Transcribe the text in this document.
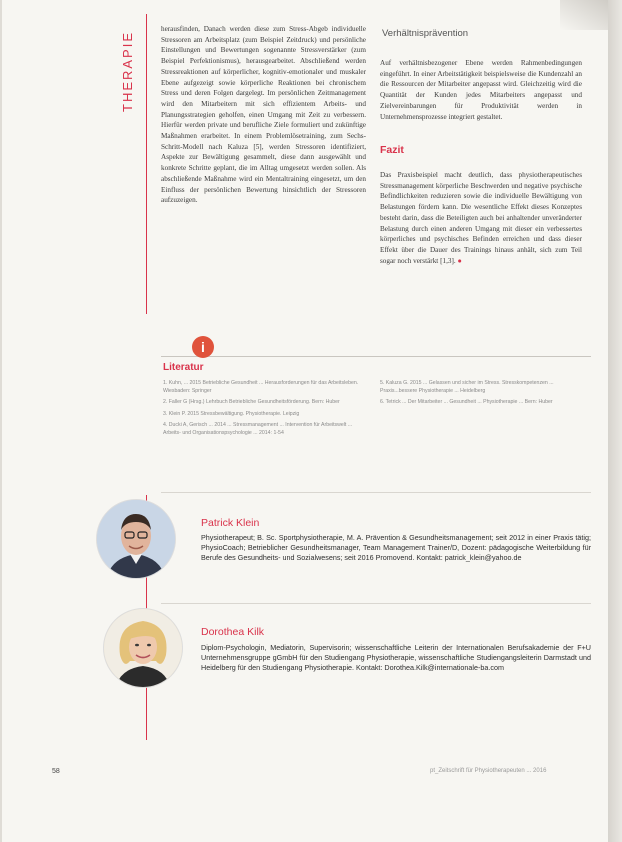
THERAPIE
herausfinden, Danach werden diese zum Stress-Abgeb individuelle Stressoren am Arbeitsplatz (zum Beispiel Zeitdruck) und persönliche Einstellungen und Bewertungen sogenannte Stressverstärker (zum Beispiel Perfektionismus), herausgearbeitet. Abschließend werden Stressreaktionen auf körperlicher, kognitiv-emotionaler und muskaler Ebene aufgezeigt sowie körperliche Reaktionen bei chronischem Stress und deren Folgen dargelegt. Im persönlichen Zeitmanagement wird den Mitarbeitern mit sich effizientem Arbeits- und Planungsstrategien geholfen, einen Umgang mit Zeit zu verbessern. Hierfür werden private und berufliche Ziele formuliert und zukünftige Maßnahmen erarbeitet. In einem Problemlösetraining, zum Sechs-Schritt-Modell nach Kaluza [5], werden Stressoren identifiziert, Aspekte zur Bewältigung gesammelt, diese dann ausgewählt und konkrete Schritte geplant, die im Alltag umgesetzt werden sollen. Als abschließende Maßnahme wird ein Mentaltraining eingesetzt, um den Einfluss der persönlichen Bewertung hinsichtlich der Stressoren aufzuzeigen.
Verhältnisprävention
Auf verhältnisbezogener Ebene werden Rahmenbedingungen eingeführt. In einer Arbeitstätigkeit beispielsweise die Kundenzahl an die Ressourcen der Mitarbeiter angepasst wird. Gleichzeitig wird die Quantität der Kunden jedes Mitarbeiters angepasst und Zielvereinbarungen für Produktivität werden in Unternehmensprozesse integriert gestaltet.
Fazit
Das Praxisbeispiel macht deutlich, dass physiotherapeutisches Stressmanagement körperliche Beschwerden und negative psychische Befindlichkeiten reduzieren sowie die individuelle Bewältigung von Belastungen fördern kann. Die wesentliche Effekt dieses Konzeptes besteht darin, dass die Beteiligten auch bei anhaltender unveränderter Belastung durch einen anderen Umgang mit dieser ein verbessertes körperliches und psychisches Befinden erreichen und dass dieser Effekt über die Dauer des Trainings hinaus anhält, sich zum Teil sogar noch verstärkt [1,3]. ●
i
Literatur

1. Kuhn, ... 2015 Betriebliche Gesundheit ... Herausforderungen für das Arbeitsleben. Wiesbaden: Springer

2. Faller G (Hrsg.) Lehrbuch Betriebliche Gesundheitsförderung. Bern: Huber

3. Klein P. 2015 Stressbewältigung. Physiotherapie. Leipzig

4. Ducki A, Gerisch ... 2014 ... Stressmanagement ... Intervention für Arbeitswelt ... Arbeits- und Organisationspsychologie ... 2014: 1-54

5. Kaluza G. 2015 ... Gelassen und sicher im Stress. Stresskompetenzen ... Praxis...bessere Physiotherapie ... Heidelberg

6. Tetrick ... Der Mitarbeiter ... Gesundheit ... Physiotherapie ... Bern: Huber

Patrick Klein
Physiotherapeut; B. Sc. Sportphysiotherapie, M. A. Prävention & Gesundheitsmanagement; seit 2012 in einer Praxis tätig; PhysioCoach; Betrieblicher Gesundheitsmanager, Team Management Trainer/D, Dozent: pädagogische Weiterbildung für Berufe des Gesundheits- und Sozialwesens; seit 2016 Promovend. Kontakt: patrick_klein@yahoo.de
Dorothea Kilk
Diplom-Psychologin, Mediatorin, Supervisorin; wissenschaftliche Leiterin der Internationalen Berufsakademie der F+U Unternehmensgruppe gGmbH für den Studiengang Physiotherapie, wissenschaftliche Studiengangsleiterin Darmstadt und Heidelberg für den Studiengang Physiotherapie. Kontakt: Dorothea.Kilk@internationale-ba.com
58	pt_Zeitschrift für Physiotherapeuten ... 2016
